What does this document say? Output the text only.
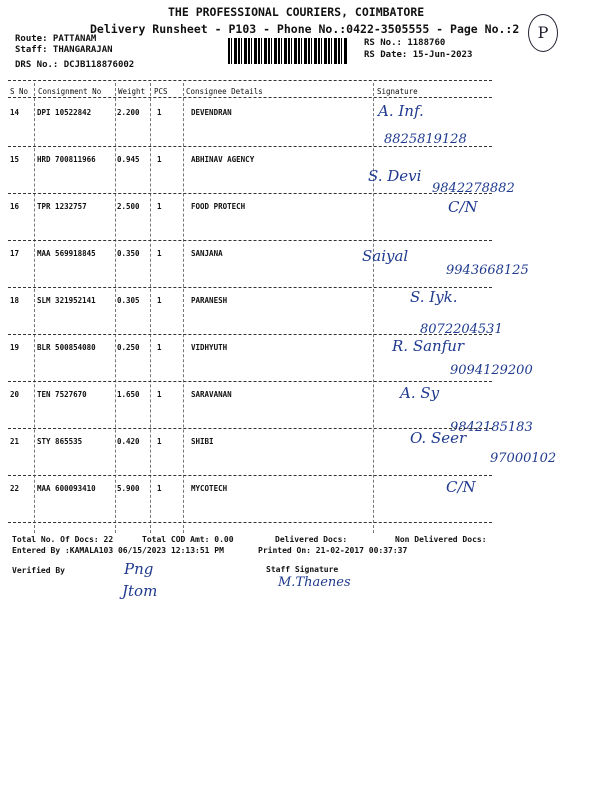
THE PROFESSIONAL COURIERS, COIMBATORE
Delivery Runsheet - P103 - Phone No.:0422-3505555 - Page No.:2	P
Route: PATTANAM
Staff: THANGARAJAN
DRS No.: DCJB118876002
RS No.: 1188760
RS Date: 15-Jun-2023
S No Consignment No Weight PCS Consignee Details	Signature
14 DPI 10522842	2.200 1	DEVENDRAN	A. Inf.
8825819128
15 HRD 700811966	0.945 1	ABHINAV AGENCY
S. Devi
9842278882
16 TPR 1232757	2.500 1	FOOD PROTECH	C/N
17 MAA 569918845	0.350 1	SANJANA	Saiyal
9943668125
18 SLM 321952141	0.305 1	PARANESH	S. Iyk.
8072204531
19 BLR 500854080	0.250 1	VIDHYUTH	R. Sanfur
9094129200
20 TEN 7527670	1.650 1	SARAVANAN	A. Sy
9842185183
21 STY 865535	0.420 1	SHIBI	O. Seer
97000102
22 MAA 600093410	5.900 1	MYCOTECH	C/N
Total No. Of Docs: 22	Total COD Amt: 0.00	Delivered Docs:	Non Delivered Docs:
Entered By :KAMALA103 06/15/2023 12:13:51 PM	Printed On: 21-02-2017 00:37:37
Verified By	Staff Signature
Png
Jtom	M.Thaenes
